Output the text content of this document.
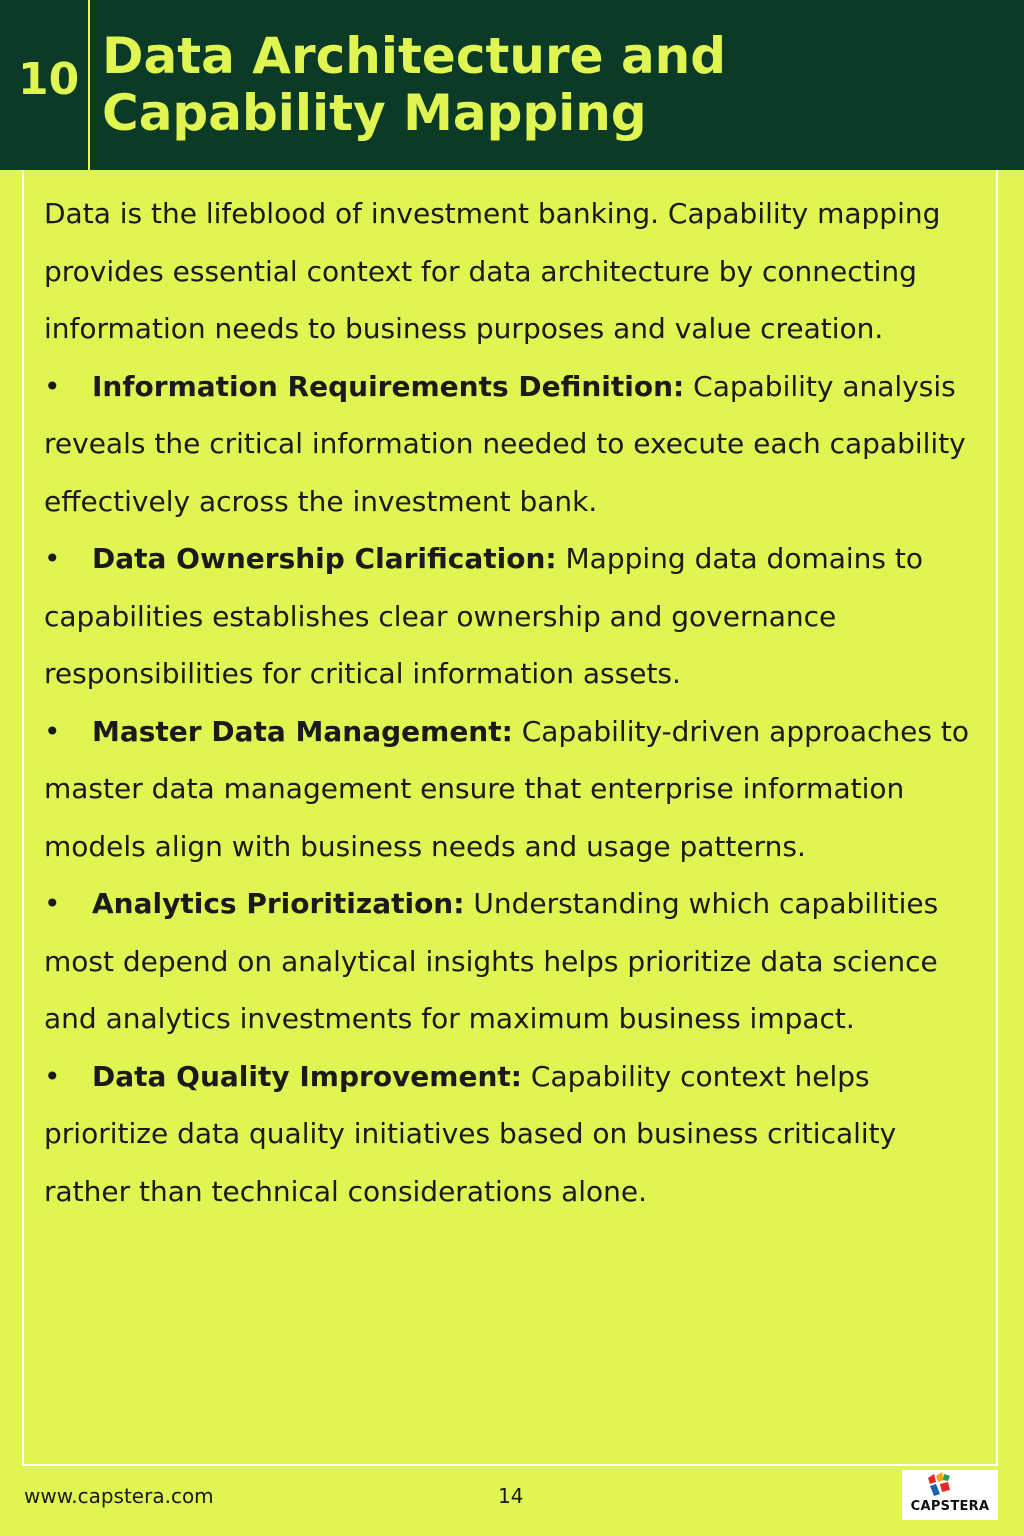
10 Data Architecture and Capability Mapping

Data is the lifeblood of investment banking. Capability mapping provides essential context for data architecture by connecting information needs to business purposes and value creation.

• Information Requirements Definition: Capability analysis reveals the critical information needed to execute each capability effectively across the investment bank.
• Data Ownership Clarification: Mapping data domains to capabilities establishes clear ownership and governance responsibilities for critical information assets.
• Master Data Management: Capability-driven approaches to master data management ensure that enterprise information models align with business needs and usage patterns.
• Analytics Prioritization: Understanding which capabilities most depend on analytical insights helps prioritize data science and analytics investments for maximum business impact.
• Data Quality Improvement: Capability context helps prioritize data quality initiatives based on business criticality rather than technical considerations alone.
www.capstera.com	14	CAPSTERA
